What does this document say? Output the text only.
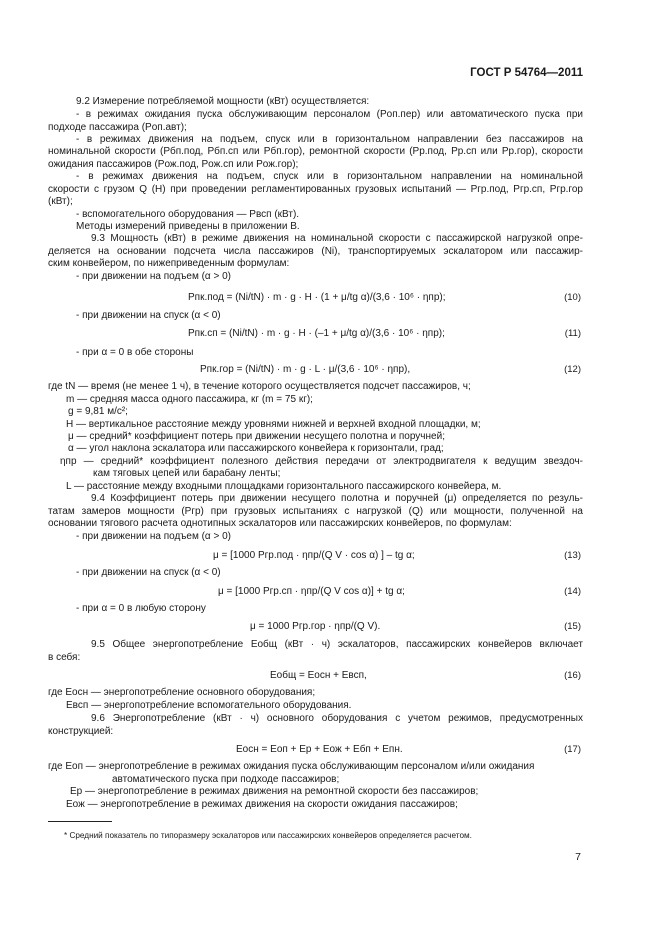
ГОСТ Р 54764—2011
9.2 Измерение потребляемой мощности (кВт) осуществляется:
- в режимах ожидания пуска обслуживающим персоналом (Pоп.пер) или автоматического пуска при
подходе пассажира (Pоп.авт);
- в режимах движения на подъем, спуск или в горизонтальном направлении без пассажиров на
номинальной скорости (Pбп.под, Pбп.сп или Pбп.гор), ремонтной скорости (Pр.под, Pр.сп или Pр.гор), скорости
ожидания пассажиров (Pож.под, Pож.сп или Pож.гор);
- в режимах движения на подъем, спуск или в горизонтальном направлении на номинальной
скорости с грузом Q (H) при проведении регламентированных грузовых испытаний — Pгр.под, Pгр.сп, Pгр.гор
(кВт);
- вспомогательного оборудования — Pвсп (кВт).
Методы измерений приведены в приложении В.
9.3 Мощность (кВт) в режиме движения на номинальной скорости с пассажирской нагрузкой опре-
деляется на основании подсчета числа пассажиров (Ni), транспортируемых эскалатором или пассажир-
ским конвейером, по нижеприведенным формулам:
- при движении на подъем (α > 0)
- при движении на спуск (α < 0)
- при α = 0 в обе стороны
где tN — время (не менее 1 ч), в течение которого осуществляется подсчет пассажиров, ч;
m — средняя масса одного пассажира, кг (m = 75 кг);
g = 9,81 м/с²;
H — вертикальное расстояние между уровнями нижней и верхней входной площадки, м;
μ — средний* коэффициент потерь при движении несущего полотна и поручней;
α — угол наклона эскалатора или пассажирского конвейера к горизонтали, град;
ηпр — средний* коэффициент полезного действия передачи от электродвигателя к ведущим звездоч-
кам тяговых цепей или барабану ленты;
L — расстояние между входными площадками горизонтального пассажирского конвейера, м.
9.4 Коэффициент потерь при движении несущего полотна и поручней (μ) определяется по резуль-
татам замеров мощности (Pгр) при грузовых испытаниях с нагрузкой (Q) или мощности, полученной на
основании тягового расчета однотипных эскалаторов или пассажирских конвейеров, по формулам:
- при движении на подъем (α > 0)
- при движении на спуск (α < 0)
- при α = 0 в любую сторону
9.5 Общее энергопотребление Eобщ (кВт · ч) эскалаторов, пассажирских конвейеров включает
в себя:
где Eосн — энергопотребление основного оборудования;
Eвсп — энергопотребление вспомогательного оборудования.
9.6 Энергопотребление (кВт · ч) основного оборудования с учетом режимов, предусмотренных
конструкцией:
где Eоп — энергопотребление в режимах ожидания пуска обслуживающим персоналом и/или ожидания
автоматического пуска при подходе пассажиров;
Eр — энергопотребление в режимах движения на ремонтной скорости без пассажиров;
Eож — энергопотребление в режимах движения на скорости ожидания пассажиров;
Pпк.под = (Ni/tN) · m · g · H · (1 + μ/tg α)/(3,6 · 10⁶ · ηпр);	(10)
Pпк.сп = (Ni/tN) · m · g · H · (–1 + μ/tg α)/(3,6 · 10⁶ · ηпр);	(11)
Pпк.гор = (Ni/tN) · m · g · L · μ/(3,6 · 10⁶ · ηпр),	(12)
μ = [1000 Pгр.под · ηпр/(Q V · cos α) ] – tg α;	(13)
μ = [1000 Pгр.сп · ηпр/(Q V cos α)] + tg α;	(14)
μ = 1000 Pгр.гор · ηпр/(Q V).	(15)
Eобщ = Eосн + Eвсп,	(16)
Eосн = Eоп + Eр + Eож + Eбп + Eпн.	(17)
* Средний показатель по типоразмеру эскалаторов или пассажирских конвейеров определяется расчетом.
7
